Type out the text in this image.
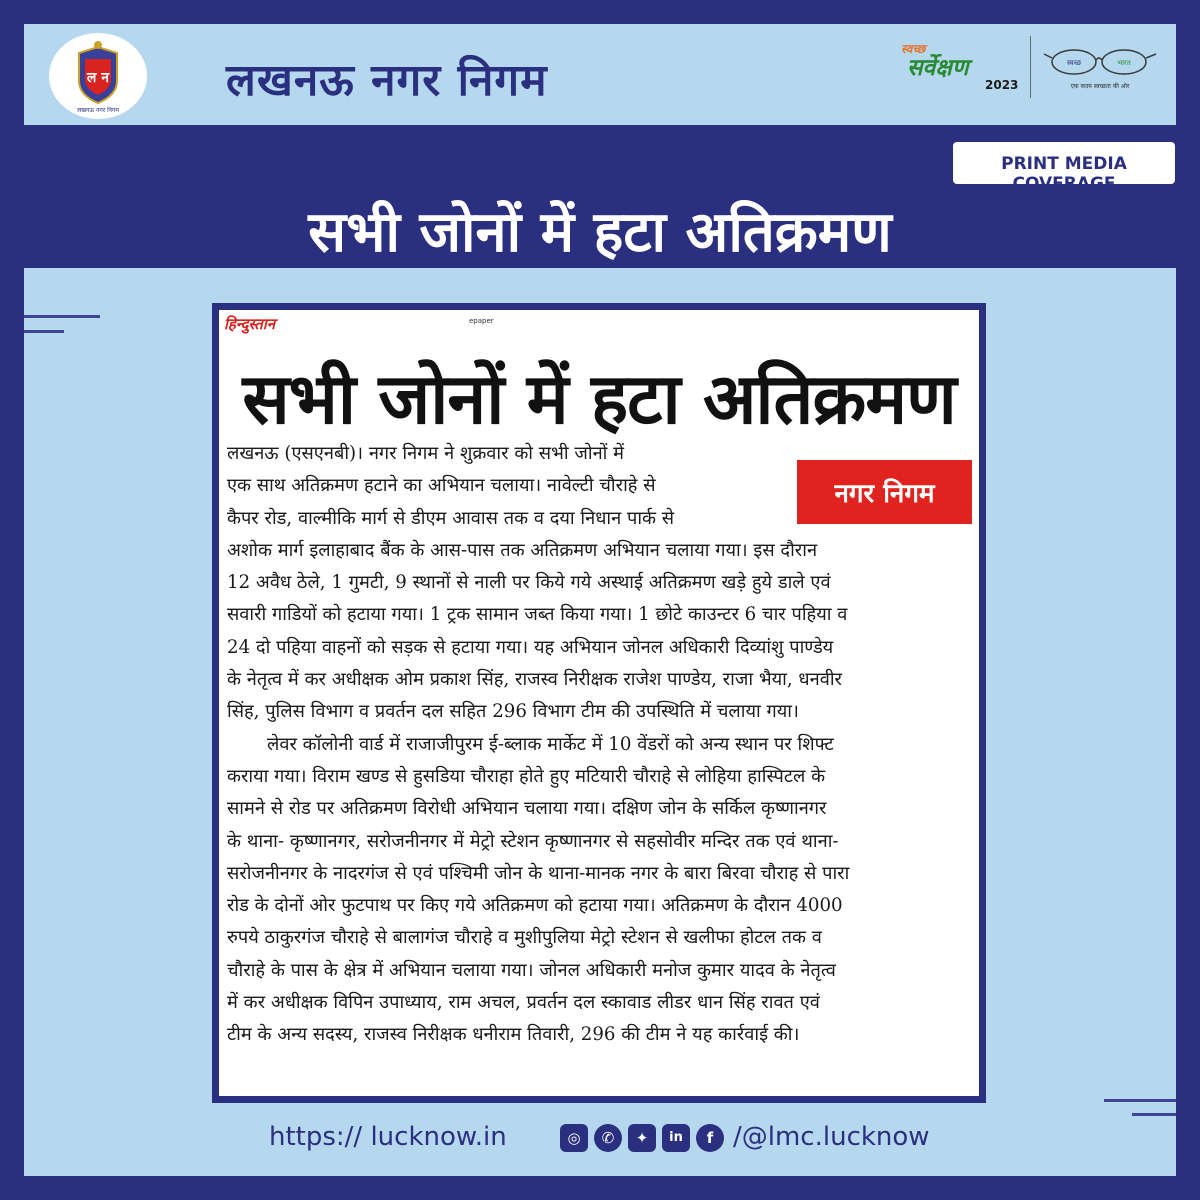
ल न
लखनऊ नगर निगम
लखनऊ नगर निगम
स्वच्छ
सर्वेक्षण
2023
स्वच्छ	भारत
एक कदम स्वच्छता की ओर
PRINT MEDIA COVERAGE
सभी जोनों में हटा अतिक्रमण
epaper
हिन्दुस्तान
सभी जोनों में हटा अतिक्रमण
नगर निगम
लखनऊ (एसएनबी)। नगर निगम ने शुक्रवार को सभी जोनों में
एक साथ अतिक्रमण हटाने का अभियान चलाया। नावेल्टी चौराहे से
कैपर रोड, वाल्मीकि मार्ग से डीएम आवास तक व दया निधान पार्क से
अशोक मार्ग इलाहाबाद बैंक के आस-पास तक अतिक्रमण अभियान चलाया गया। इस दौरान
12 अवैध ठेले, 1 गुमटी, 9 स्थानों से नाली पर किये गये अस्थाई अतिक्रमण खड़े हुये डाले एवं
सवारी गाडियों को हटाया गया। 1 ट्रक सामान जब्त किया गया। 1 छोटे काउन्टर 6 चार पहिया व
24 दो पहिया वाहनों को सड़क से हटाया गया। यह अभियान जोनल अधिकारी दिव्यांशु पाण्डेय
के नेतृत्व में कर अधीक्षक ओम प्रकाश सिंह, राजस्व निरीक्षक राजेश पाण्डेय, राजा भैया, धनवीर
सिंह, पुलिस विभाग व प्रवर्तन दल सहित 296 विभाग टीम की उपस्थिति में चलाया गया।
लेवर कॉलोनी वार्ड में राजाजीपुरम ई-ब्लाक मार्केट में 10 वेंडरों को अन्य स्थान पर शिफ्ट
कराया गया। विराम खण्ड से हुसडिया चौराहा होते हुए मटियारी चौराहे से लोहिया हास्पिटल के
सामने से रोड पर अतिक्रमण विरोधी अभियान चलाया गया। दक्षिण जोन के सर्किल कृष्णानगर
के थाना- कृष्णानगर, सरोजनीनगर में मेट्रो स्टेशन कृष्णानगर से सहसोवीर मन्दिर तक एवं थाना-
सरोजनीनगर के नादरगंज से एवं पश्चिमी जोन के थाना-मानक नगर के बारा बिरवा चौराह से पारा
रोड के दोनों ओर फुटपाथ पर किए गये अतिक्रमण को हटाया गया। अतिक्रमण के दौरान 4000
रुपये ठाकुरगंज चौराहे से बालागंज चौराहे व मुशीपुलिया मेट्रो स्टेशन से खलीफा होटल तक व
चौराहे के पास के क्षेत्र में अभियान चलाया गया। जोनल अधिकारी मनोज कुमार यादव के नेतृत्व
में कर अधीक्षक विपिन उपाध्याय, राम अचल, प्रवर्तन दल स्कावाड लीडर धान सिंह रावत एवं
टीम के अन्य सदस्य, राजस्व निरीक्षक धनीराम तिवारी, 296 की टीम ने यह कार्रवाई की।
https:// lucknow.in	◎	✆	✦	in	f /@lmc.lucknow
